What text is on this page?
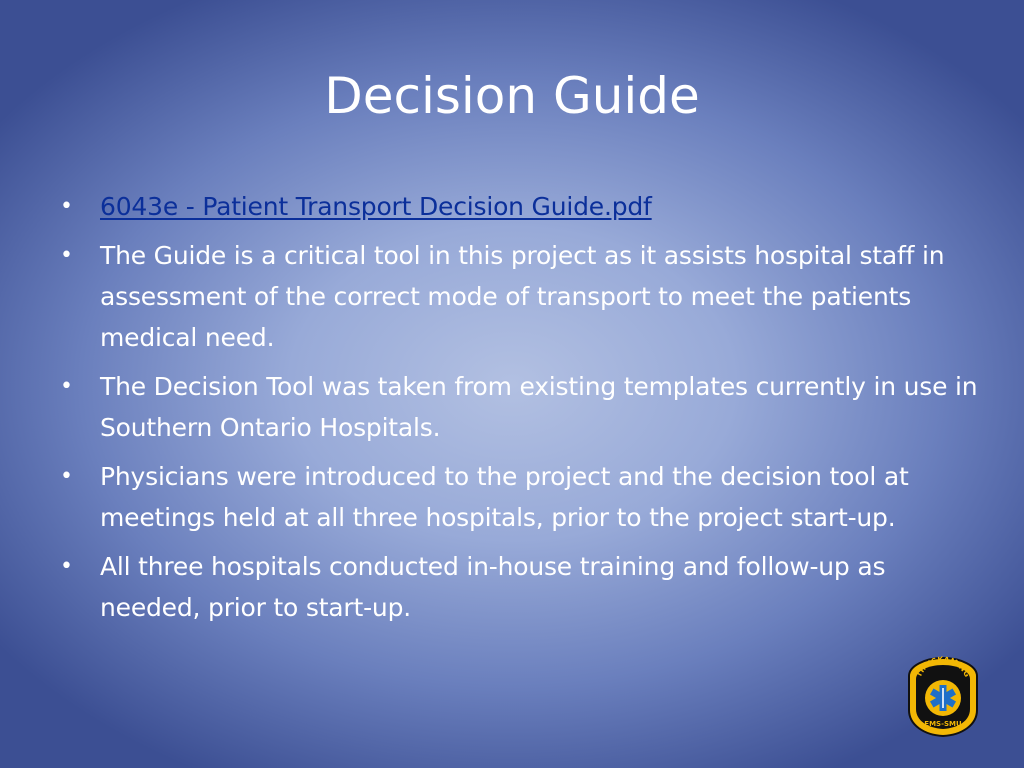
Decision Guide
• 6043e - Patient Transport Decision Guide.pdf
• The Guide is a critical tool in this project as it assists hospital staff in assessment of the correct mode of transport to meet the patients medical need.
• The Decision Tool was taken from existing templates currently in use in Southern Ontario Hospitals.
• Physicians were introduced to the project and the decision tool at meetings held at all three hospitals, prior to the project start-up.
• All three hospitals conducted in-house training and follow-up as needed, prior to start-up.
TIMISKAMING
EMS-SMU
